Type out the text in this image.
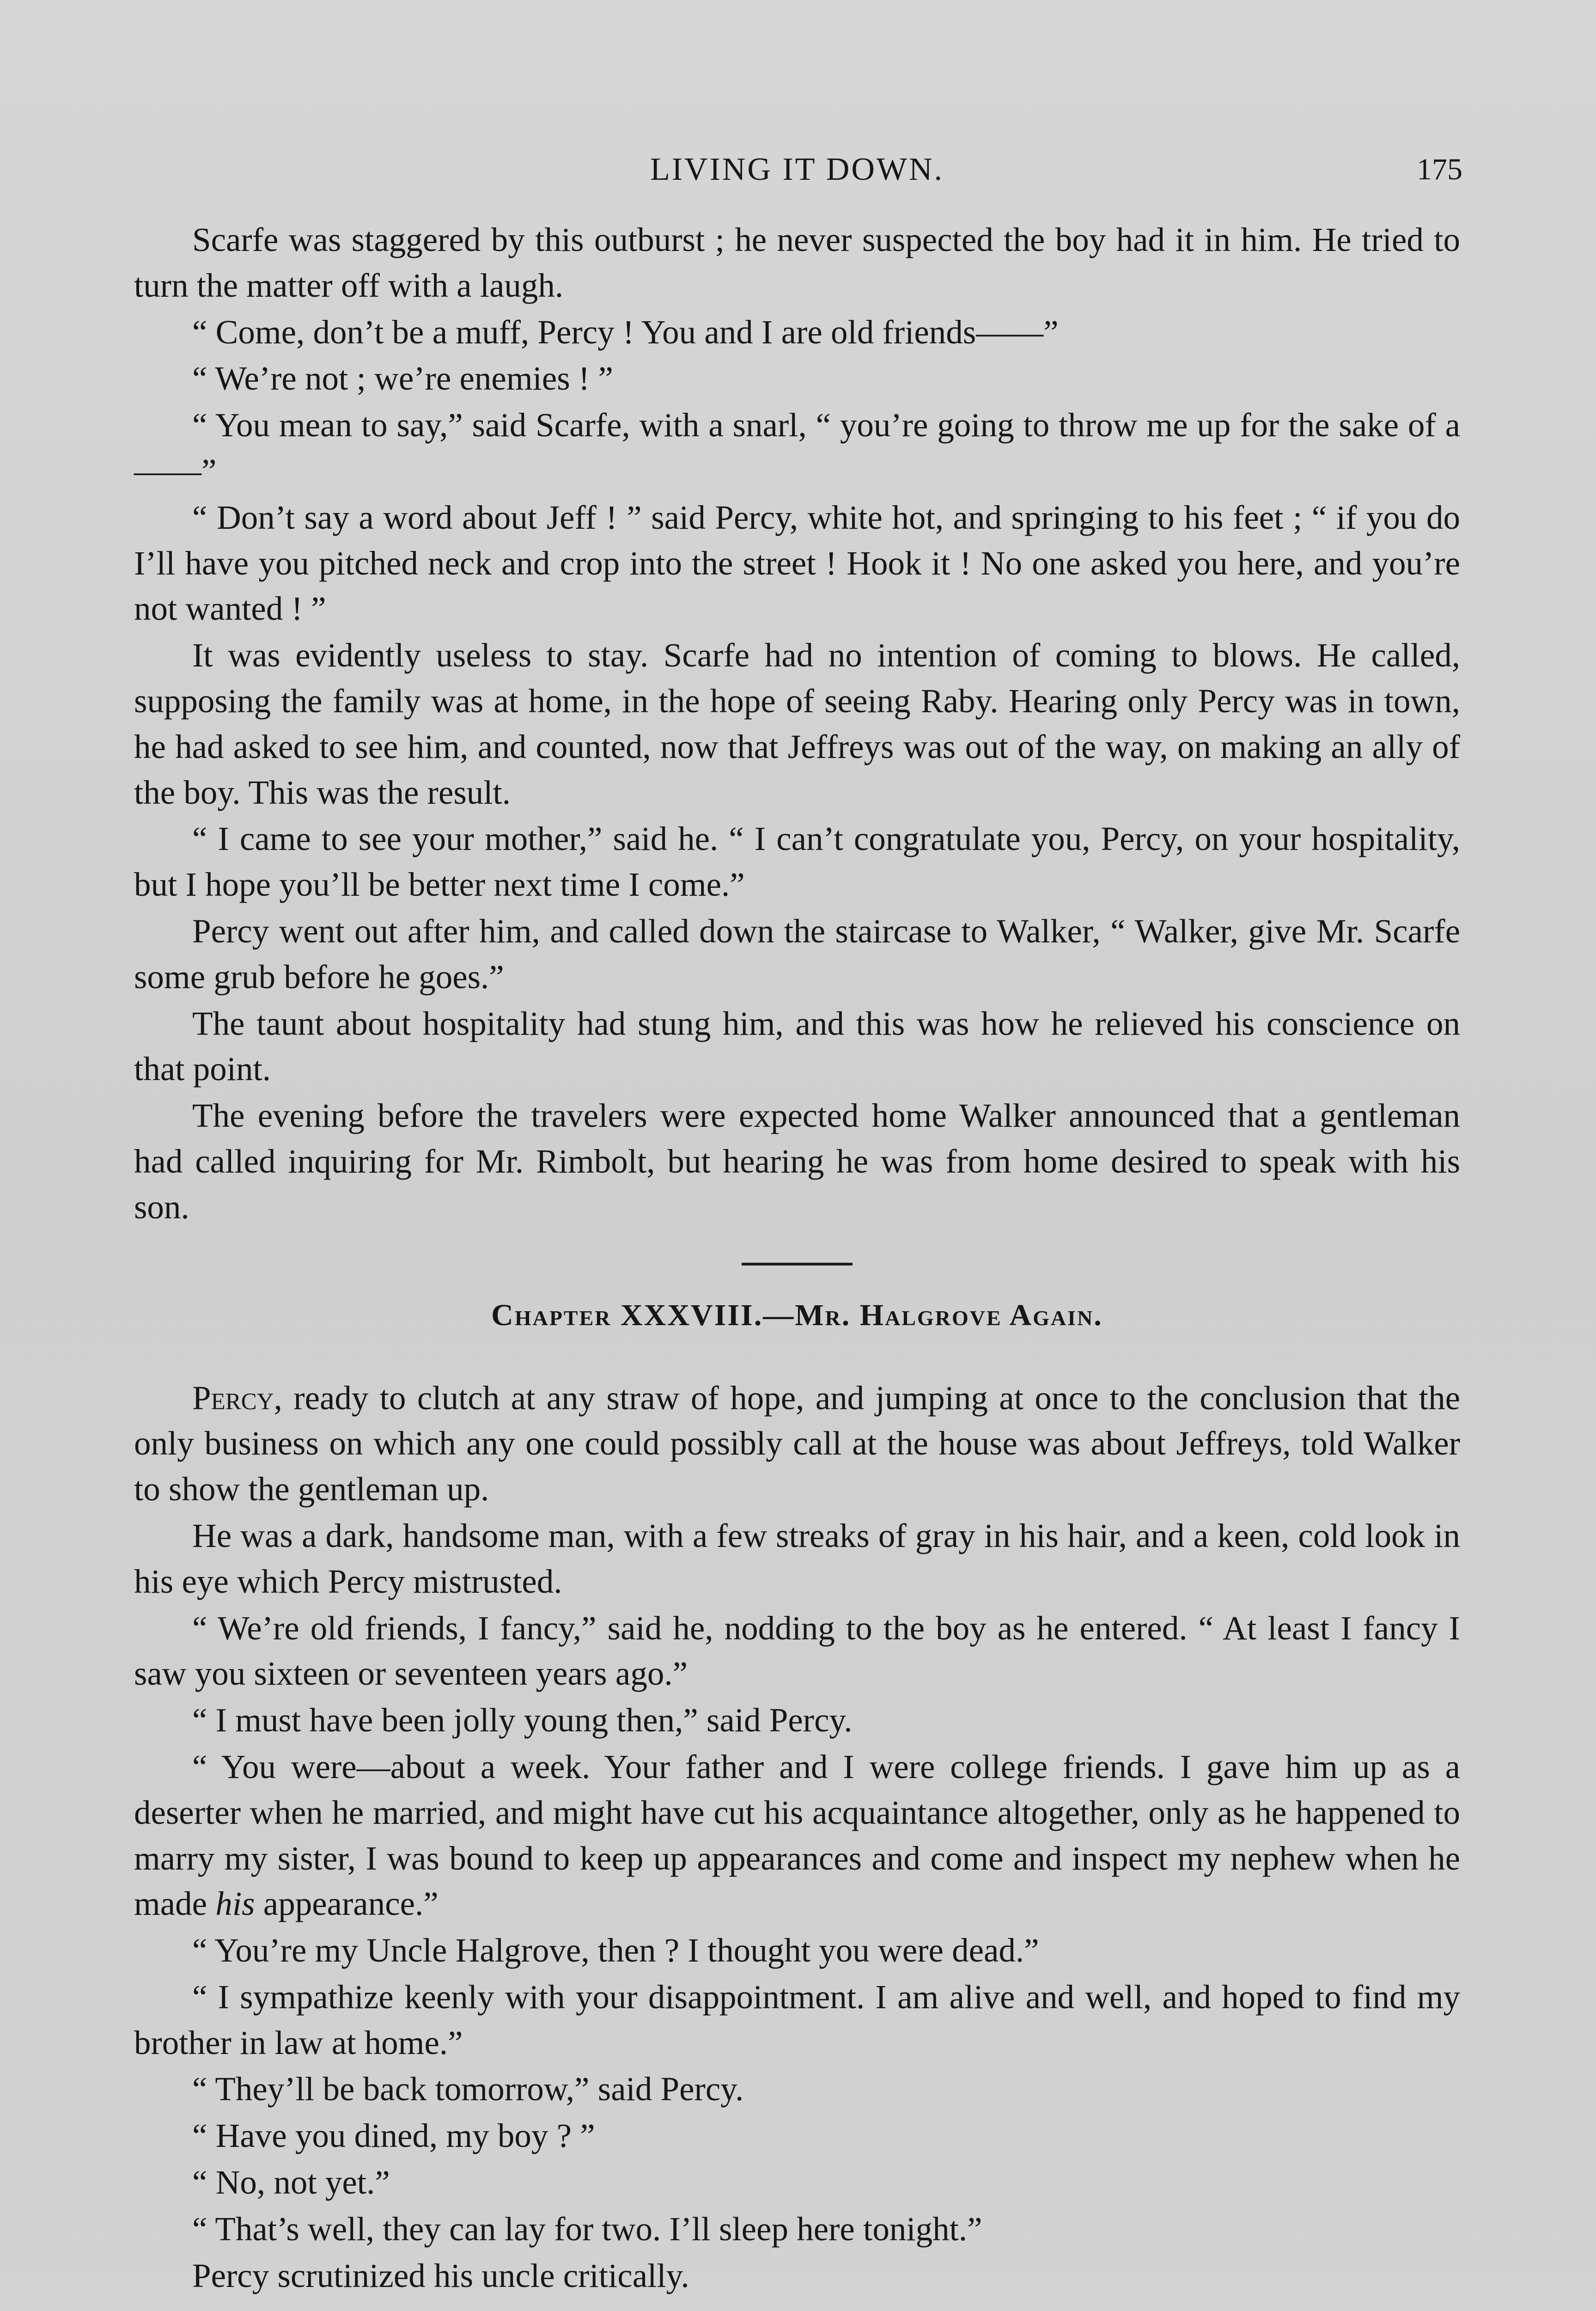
LIVING IT DOWN.	175

Scarfe was staggered by this outburst ; he never suspected the boy had it in him. He tried to turn the matter off with a laugh.

“ Come, don’t be a muff, Percy ! You and I are old friends——”

“ We’re not ; we’re enemies ! ”

“ You mean to say,” said Scarfe, with a snarl, “ you’re going to throw me up for the sake of a——”

“ Don’t say a word about Jeff ! ” said Percy, white hot, and springing to his feet ; “ if you do I’ll have you pitched neck and crop into the street ! Hook it ! No one asked you here, and you’re not wanted ! ”

It was evidently useless to stay. Scarfe had no intention of coming to blows. He called, supposing the family was at home, in the hope of seeing Raby. Hearing only Percy was in town, he had asked to see him, and counted, now that Jeffreys was out of the way, on making an ally of the boy. This was the result.

“ I came to see your mother,” said he. “ I can’t congratulate you, Percy, on your hospitality, but I hope you’ll be better next time I come.”

Percy went out after him, and called down the staircase to Walker, “ Walker, give Mr. Scarfe some grub before he goes.”

The taunt about hospitality had stung him, and this was how he relieved his conscience on that point.

The evening before the travelers were expected home Walker announced that a gentleman had called inquiring for Mr. Rimbolt, but hearing he was from home desired to speak with his son.

Chapter XXXVIII.—Mr. Halgrove Again.

Percy, ready to clutch at any straw of hope, and jumping at once to the conclusion that the only business on which any one could possibly call at the house was about Jeffreys, told Walker to show the gentleman up.

He was a dark, handsome man, with a few streaks of gray in his hair, and a keen, cold look in his eye which Percy mistrusted.

“ We’re old friends, I fancy,” said he, nodding to the boy as he entered. “ At least I fancy I saw you sixteen or seventeen years ago.”

“ I must have been jolly young then,” said Percy.

“ You were—about a week. Your father and I were college friends. I gave him up as a deserter when he married, and might have cut his acquaintance altogether, only as he happened to marry my sister, I was bound to keep up appearances and come and inspect my nephew when he made his appearance.”

“ You’re my Uncle Halgrove, then ? I thought you were dead.”

“ I sympathize keenly with your disappointment. I am alive and well, and hoped to find my brother in law at home.”

“ They’ll be back tomorrow,” said Percy.

“ Have you dined, my boy ? ”

“ No, not yet.”

“ That’s well, they can lay for two. I’ll sleep here tonight.”

Percy scrutinized his uncle critically.
